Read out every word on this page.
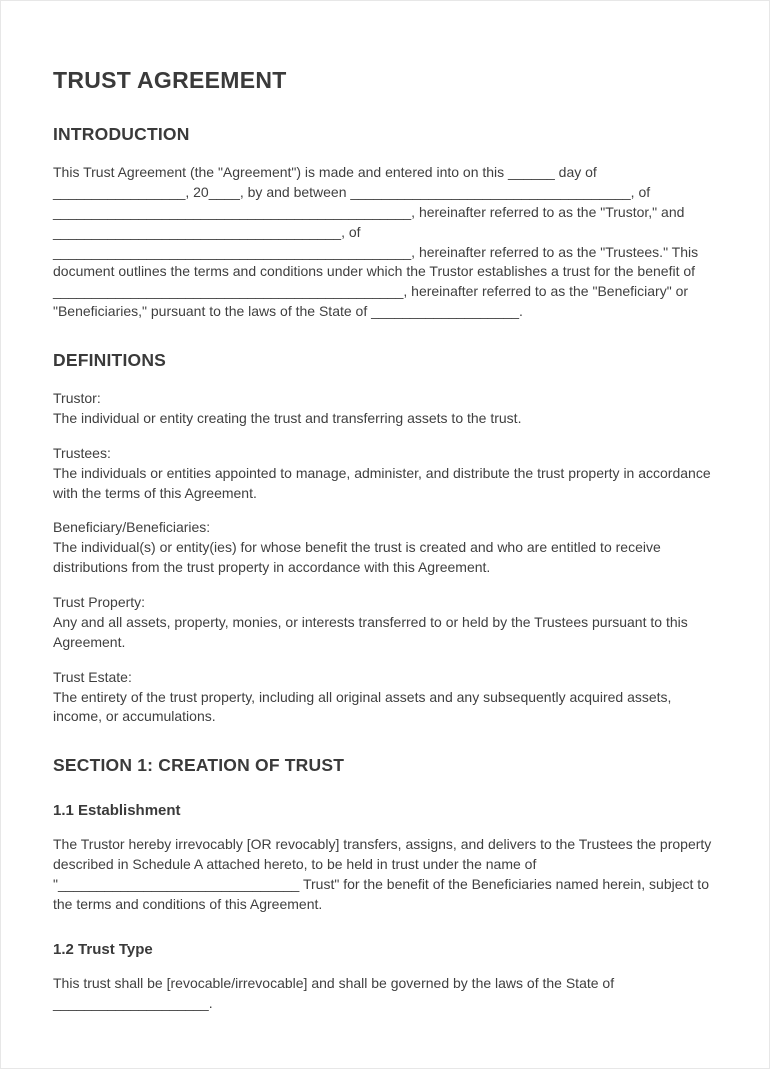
TRUST AGREEMENT
INTRODUCTION

This Trust Agreement (the "Agreement") is made and entered into on this ______ day of _________________, 20____, by and between ____________________________________, of ______________________________________________, hereinafter referred to as the "Trustor," and _____________________________________, of ______________________________________________, hereinafter referred to as the "Trustees." This document outlines the terms and conditions under which the Trustor establishes a trust for the benefit of _____________________________________________, hereinafter referred to as the "Beneficiary" or "Beneficiaries," pursuant to the laws of the State of ___________________.

DEFINITIONS
Trustor:
The individual or entity creating the trust and transferring assets to the trust.
Trustees:
The individuals or entities appointed to manage, administer, and distribute the trust property in accordance with the terms of this Agreement.
Beneficiary/Beneficiaries:
The individual(s) or entity(ies) for whose benefit the trust is created and who are entitled to receive distributions from the trust property in accordance with this Agreement.
Trust Property:
Any and all assets, property, monies, or interests transferred to or held by the Trustees pursuant to this Agreement.
Trust Estate:
The entirety of the trust property, including all original assets and any subsequently acquired assets, income, or accumulations.
SECTION 1: CREATION OF TRUST
1.1 Establishment

The Trustor hereby irrevocably [OR revocably] transfers, assigns, and delivers to the Trustees the property described in Schedule A attached hereto, to be held in trust under the name of "_______________________________ Trust" for the benefit of the Beneficiaries named herein, subject to the terms and conditions of this Agreement.

1.2 Trust Type

This trust shall be [revocable/irrevocable] and shall be governed by the laws of the State of ____________________.
